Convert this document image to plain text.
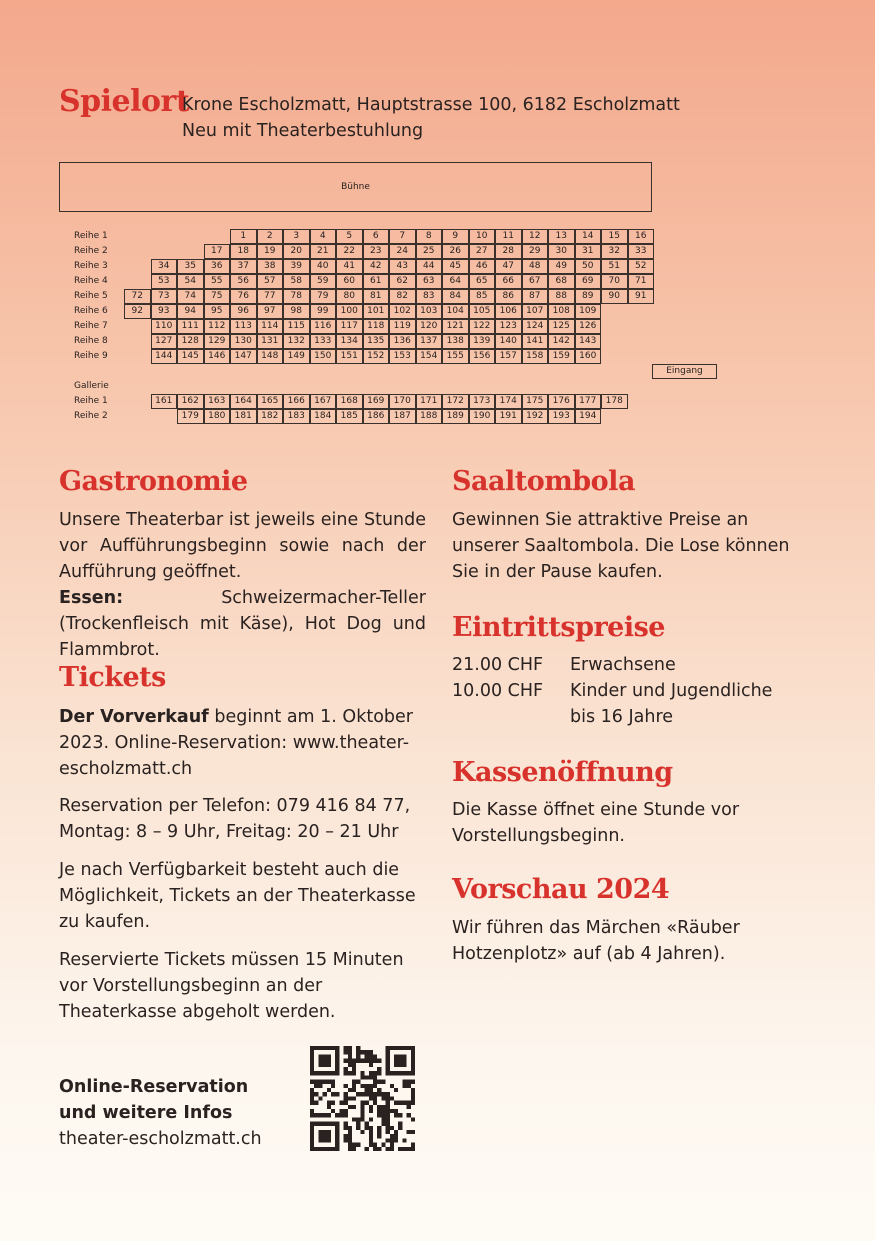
Spielort

Krone Escholzmatt, Hauptstrasse 100, 6182 Escholzmatt

Neu mit Theaterbestuhlung

Bühne
Reihe 1	1	2	3	4	5	6	7	8	9	10	11	12	13	14	15	16
Reihe 2	17	18	19	20	21	22	23	24	25	26	27	28	29	30	31	32	33
Reihe 3	34	35	36	37	38	39	40	41	42	43	44	45	46	47	48	49	50	51	52
Reihe 4	53	54	55	56	57	58	59	60	61	62	63	64	65	66	67	68	69	70	71
Reihe 5	72	73	74	75	76	77	78	79	80	81	82	83	84	85	86	87	88	89	90	91
Reihe 6	92	93	94	95	96	97	98	99	100	101	102	103	104	105	106	107	108	109
Reihe 7	110	111	112	113	114	115	116	117	118	119	120	121	122	123	124	125	126
Reihe 8	127	128	129	130	131	132	133	134	135	136	137	138	139	140	141	142	143
Reihe 9	144	145	146	147	148	149	150	151	152	153	154	155	156	157	158	159	160
Reihe 1	161	162	163	164	165	166	167	168	169	170	171	172	173	174	175	176	177	178
Reihe 2	179	180	181	182	183	184	185	186	187	188	189	190	191	192	193	194
Eingang
Gallerie
Gastronomie
Unsere Theaterbar ist jeweils eine Stunde vor Aufführungsbeginn sowie nach der Aufführung geöffnet.
Essen:	Schweizermacher-Teller (Trockenfleisch mit Käse), Hot Dog und Flammbrot.
Tickets
Der Vorverkauf beginnt am 1. Oktober 2023. Online-Reservation: www.theater-escholzmatt.ch

Reservation per Telefon: 079 416 84 77, Montag: 8 – 9 Uhr, Freitag: 20 – 21 Uhr

Je nach Verfügbarkeit besteht auch die Möglichkeit, Tickets an der Theaterkasse zu kaufen.

Reservierte Tickets müssen 15 Minuten vor Vorstellungsbeginn an der Theaterkasse abgeholt werden.

Online-Reservation
und weitere Infos
theater-escholzmatt.ch
Saaltombola

Gewinnen Sie attraktive Preise an unserer Saaltombola. Die Lose können Sie in der Pause kaufen.

Eintrittspreise
21.00 CHF	Erwachsene
10.00 CHF	Kinder und Jugendliche bis 16 Jahre
Kassenöffnung

Die Kasse öffnet eine Stunde vor Vorstellungsbeginn.

Vorschau 2024

Wir führen das Märchen «Räuber Hotzenplotz» auf (ab 4 Jahren).
